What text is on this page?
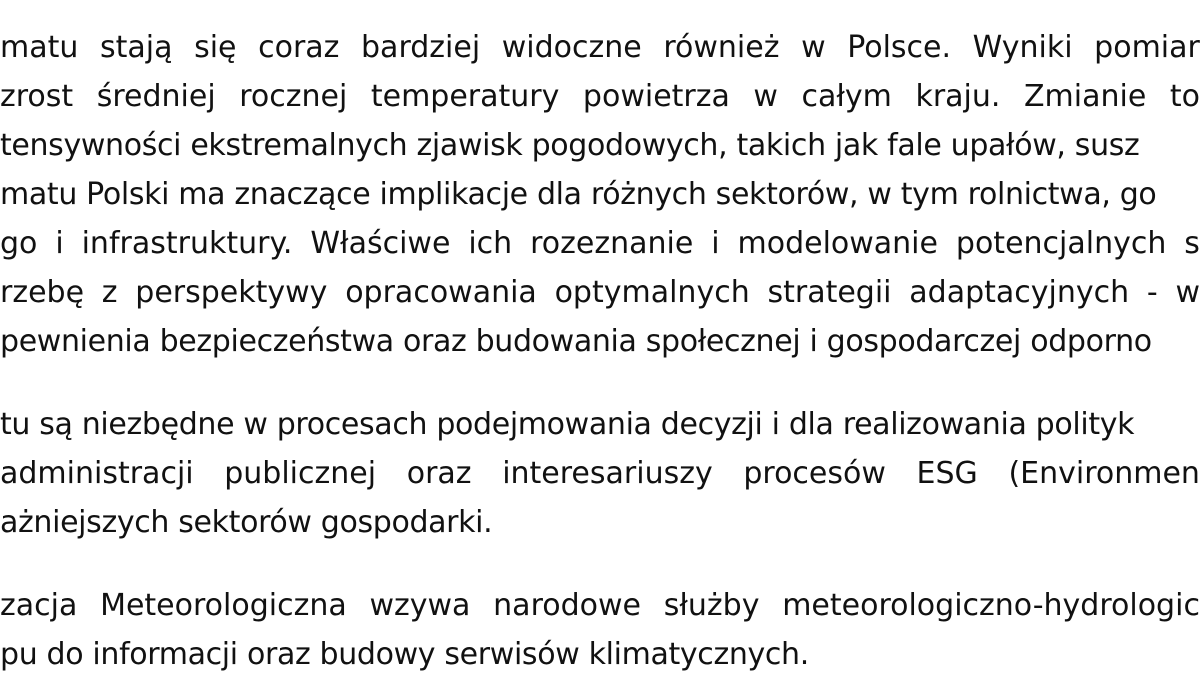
matu stają się coraz bardziej widoczne również w Polsce. Wyniki pomiar
zrost średniej rocznej temperatury powietrza w całym kraju. Zmianie to
tensywności ekstremalnych zjawisk pogodowych, takich jak fale upałów, susz
matu Polski ma znaczące implikacje dla różnych sektorów, w tym rolnictwa, go
go i infrastruktury. Właściwe ich rozeznanie i modelowanie potencjalnych s
rzebę z perspektywy opracowania optymalnych strategii adaptacyjnych - w
pewnienia bezpieczeństwa oraz budowania społecznej i gospodarczej odporno
tu są niezbędne w procesach podejmowania decyzji i dla realizowania polityk
administracji publicznej oraz interesariuszy procesów ESG (Environmen
ażniejszych sektorów gospodarki.
zacja Meteorologiczna wzywa narodowe służby meteorologiczno-hydrologic
pu do informacji oraz budowy serwisów klimatycznych.
